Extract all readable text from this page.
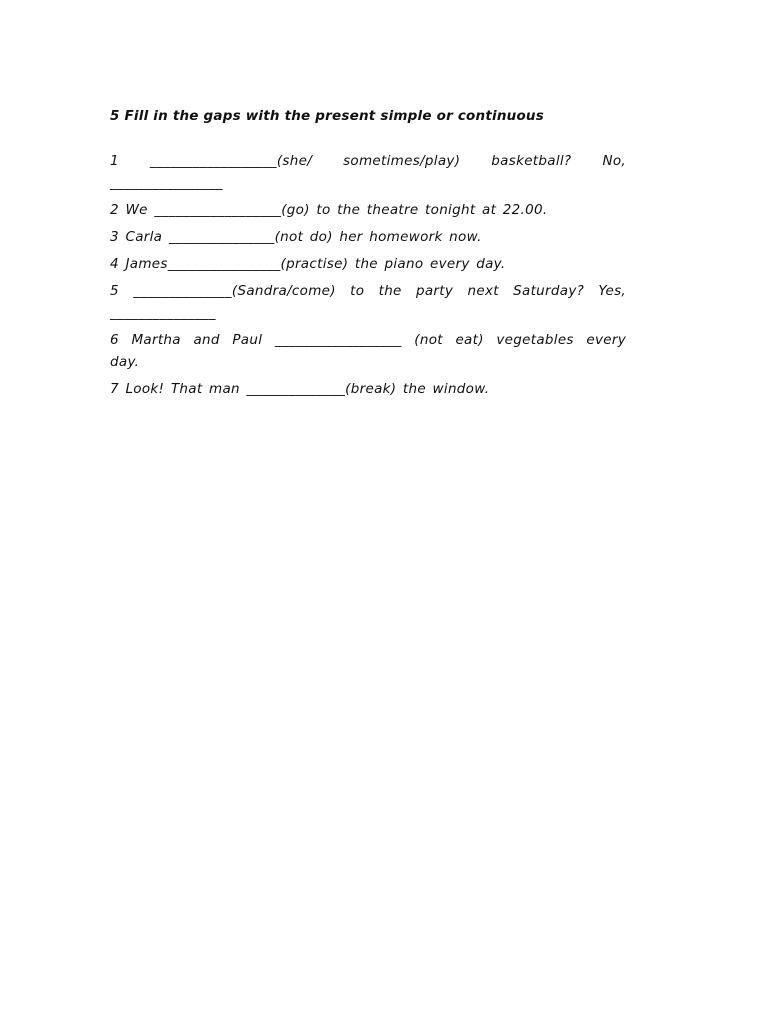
5 Fill in the gaps with the present simple or continuous
1 __________________(she/ sometimes/play) basketball? No,
________________
2 We __________________(go) to the theatre tonight at 22.00.
3 Carla _______________(not do) her homework now.
4 James________________(practise) the piano every day.
5 ______________(Sandra/come) to the party next Saturday? Yes,
_______________
6 Martha and Paul __________________ (not eat) vegetables every
day.
7 Look! That man ______________(break) the window.
